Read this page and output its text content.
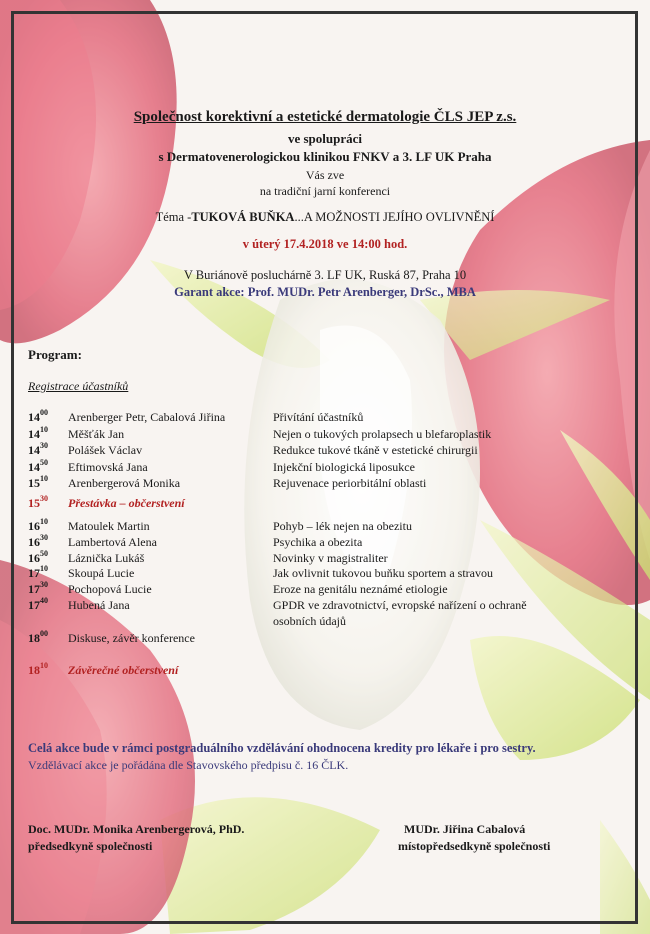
Společnost korektivní a estetické dermatologie ČLS JEP z.s.
ve spolupráci
s Dermatovenerologickou klinikou FNKV a 3. LF UK Praha
Vás zve
na tradiční jarní konferenci
Téma -TUKOVÁ BUŇKA...A MOŽNOSTI JEJÍHO OVLIVNĚNÍ
v úterý 17.4.2018 ve 14:00 hod.
V Buriánově posluchárně 3. LF UK, Ruská 87, Praha 10
Garant akce: Prof. MUDr. Petr Arenberger, DrSc., MBA
Program:
Registrace účastníků
$14^{00}$ Arenberger Petr, Cabalová Jiřina	Přivítání účastníků
$14^{10}$ Měšťák Jan	Nejen o tukových prolapsech u blefaroplastik
$14^{30}$ Polášek Václav	Redukce tukové tkáně v estetické chirurgii
$14^{50}$ Eftimovská Jana	Injekční biologická liposukce
$15^{10}$ Arenbergerová Monika	Rejuvenace periorbitální oblasti
$15^{30}$ Přestávka – občerstvení
$16^{10}$ Matoulek Martin	Pohyb – lék nejen na obezitu
$16^{30}$ Lambertová Alena	Psychika a obezita
$16^{50}$ Láznička Lukáš	Novinky v magistraliter
$17^{10}$ Skoupá Lucie	Jak ovlivnit tukovou buňku sportem a stravou
$17^{30}$ Pochopová Lucie	Eroze na genitálu neznámé etiologie
$17^{40}$ Hubená Jana	GPDR ve zdravotnictví, evropské nařízení o ochraně
osobních údajů
$18^{00}$ Diskuse, závěr konference
$18^{10}$ Závěrečné občerstvení
Celá akce bude v rámci postgraduálního vzdělávání ohodnocena kredity pro lékaře i pro sestry.
Vzdělávací akce je pořádána dle Stavovského předpisu č. 16 ČLK.
Doc. MUDr. Monika Arenbergerová, PhD.
předsedkyně společnosti
MUDr. Jiřina Cabalová
místopředsedkyně společnosti
